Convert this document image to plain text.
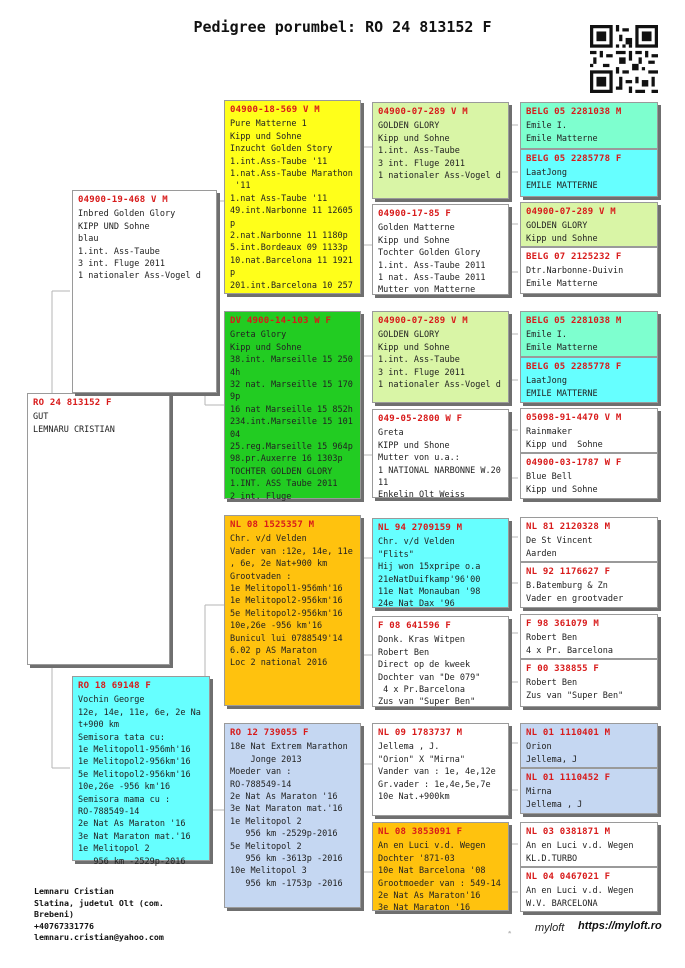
Pedigree porumbel: RO 24 813152 F
RO 24 813152 F
GUT
LEMNARU CRISTIAN
04900-19-468 V M
Inbred Golden Glory
KIPP UND Sohne
blau
1.int. Ass-Taube
3 int. Fluge 2011
1 nationaler Ass-Vogel d
RO 18 69148 F
Vochin George
12e, 14e, 11e, 6e, 2e Na
t+900 km
Semisora tata cu:
1e Melitopol1-956mh'16
1e Melitopol2-956km'16
5e Melitopol2-956km'16
10e,26e -956 km'16
Semisora mama cu :
RO-788549-14
2e Nat As Maraton '16
3e Nat Maraton mat.'16
1e Melitopol 2
956 km -2529p-2016
04900-18-569 V M
Pure Matterne 1
Kipp und Sohne
Inzucht Golden Story
1.int.Ass-Taube '11
1.nat.Ass-Taube Marathon
'11
1.nat Ass-Taube '11
49.int.Narbonne 11 12605
p
2.nat.Narbonne 11 1180p
5.int.Bordeaux 09 1133p
10.nat.Barcelona 11 1921
p
201.int.Barcelona 10 257
DV 4900-14-103 W F
Greta Glory
Kipp und Sohne
38.int. Marseille 15 250
4h
32 nat. Marseille 15 170
9p
16 nat Marseille 15 852h
234.int.Marseille 15 101
04
25.reg.Marseille 15 964p
98.pr.Auxerre 16 1303p
TOCHTER GOLDEN GLORY
1.INT. ASS Taube 2011
2 int. Fluge
NL 08 1525357 M
Chr. v/d Velden
Vader van :12e, 14e, 11e
, 6e, 2e Nat+900 km
Grootvaden :
1e Melitopol1-956mh'16
1e Melitopol2-956km'16
5e Melitopol2-956km'16
10e,26e -956 km'16
Bunicul lui 0788549'14
6.02 p AS Maraton
Loc 2 national 2016
RO 12 739055 F
18e Nat Extrem Marathon
Jonge 2013
Moeder van :
RO-788549-14
2e Nat As Maraton '16
3e Nat Maraton mat.'16
1e Melitopol 2
956 km -2529p-2016
5e Melitopol 2
956 km -3613p -2016
10e Melitopol 3
956 km -1753p -2016
04900-07-289 V M
GOLDEN GLORY
Kipp und Sohne
1.int. Ass-Taube
3 int. Fluge 2011
1 nationaler Ass-Vogel d
04900-17-85 F
Golden Matterne
Kipp und Sohne
Tochter Golden Glory
1.int. Ass-Taube 2011
1 nat. Ass-Taube 2011
Mutter von Matterne
04900-07-289 V M
GOLDEN GLORY
Kipp und Sohne
1.int. Ass-Taube
3 int. Fluge 2011
1 nationaler Ass-Vogel d
049-05-2800 W F
Greta
KIPP und Shone
Mutter von u.a.:
1 NATIONAL NARBONNE W.20
11
Enkelin Olt Weiss
NL 94 2709159 M
Chr. v/d Velden
"Flits"
Hij won 15xpripe o.a
21eNatDuifkamp'96'00
11e Nat Monauban '98
24e Nat Dax '96
F 08 641596 F
Donk. Kras Witpen
Robert Ben
Direct op de kweek
Dochter van "De 079"
4 x Pr.Barcelona
Zus van "Super Ben"
NL 09 1783737 M
Jellema , J.
"Orion" X "Mirna"
Vander van : 1e, 4e,12e
Gr.vader : 1e,4e,5e,7e
10e Nat.+900km
NL 08 3853091 F
An en Luci v.d. Wegen
Dochter '871-03
10e Nat Barcelona '08
Grootmoeder van : 549-14
2e Nat As Maraton'16
3e Nat Maraton '16
BELG 05 2281038 M
Emile I.
Emile Matterne
BELG 05 2285778 F
LaatJong
EMILE MATTERNE
04900-07-289 V M
GOLDEN GLORY
Kipp und Sohne
BELG 07 2125232 F
Dtr.Narbonne-Duivin
Emile Matterne
BELG 05 2281038 M
Emile I.
Emile Matterne
BELG 05 2285778 F
LaatJong
EMILE MATTERNE
05098-91-4470 V M
Rainmaker
Kipp und  Sohne
04900-03-1787 W F
Blue Bell
Kipp und Sohne
NL 81 2120328 M
De St Vincent
Aarden
NL 92 1176627 F
B.Batemburg & Zn
Vader en grootvader
F 98 361079 M
Robert Ben
4 x Pr. Barcelona
F 00 338855 F
Robert Ben
Zus van "Super Ben"
NL 01 1110401 M
Orion
Jellema, J
NL 01 1110452 F
Mirna
Jellema , J
NL 03 0381871 M
An en Luci v.d. Wegen
KL.D.TURBO
NL 04 0467021 F
An en Luci v.d. Wegen
W.V. BARCELONA
Lemnaru Cristian
Slatina, judetul Olt (com.
Brebeni)
+40767331776
lemnaru.cristian@yahoo.com
myloft https://myloft.ro
